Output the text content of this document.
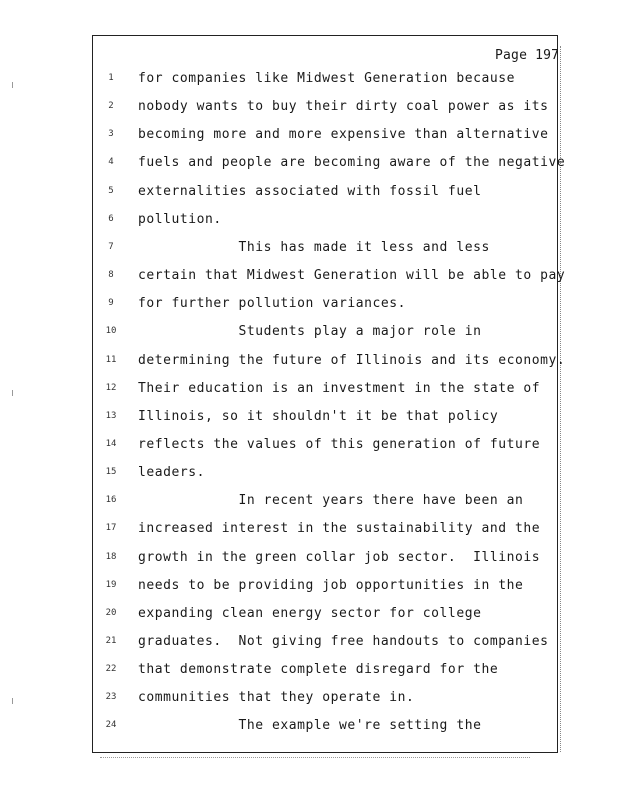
Page 197
1	for companies like Midwest Generation because
2	nobody wants to buy their dirty coal power as its
3	becoming more and more expensive than alternative
4	fuels and people are becoming aware of the negative
5	externalities associated with fossil fuel
6	pollution.
7	This has made it less and less
8	certain that Midwest Generation will be able to pay
9	for further pollution variances.
10	Students play a major role in
11	determining the future of Illinois and its economy.
12	Their education is an investment in the state of
13	Illinois, so it shouldn't it be that policy
14	reflects the values of this generation of future
15	leaders.
16	In recent years there have been an
17	increased interest in the sustainability and the
18	growth in the green collar job sector.  Illinois
19	needs to be providing job opportunities in the
20	expanding clean energy sector for college
21	graduates.  Not giving free handouts to companies
22	that demonstrate complete disregard for the
23	communities that they operate in.
24	The example we're setting the
